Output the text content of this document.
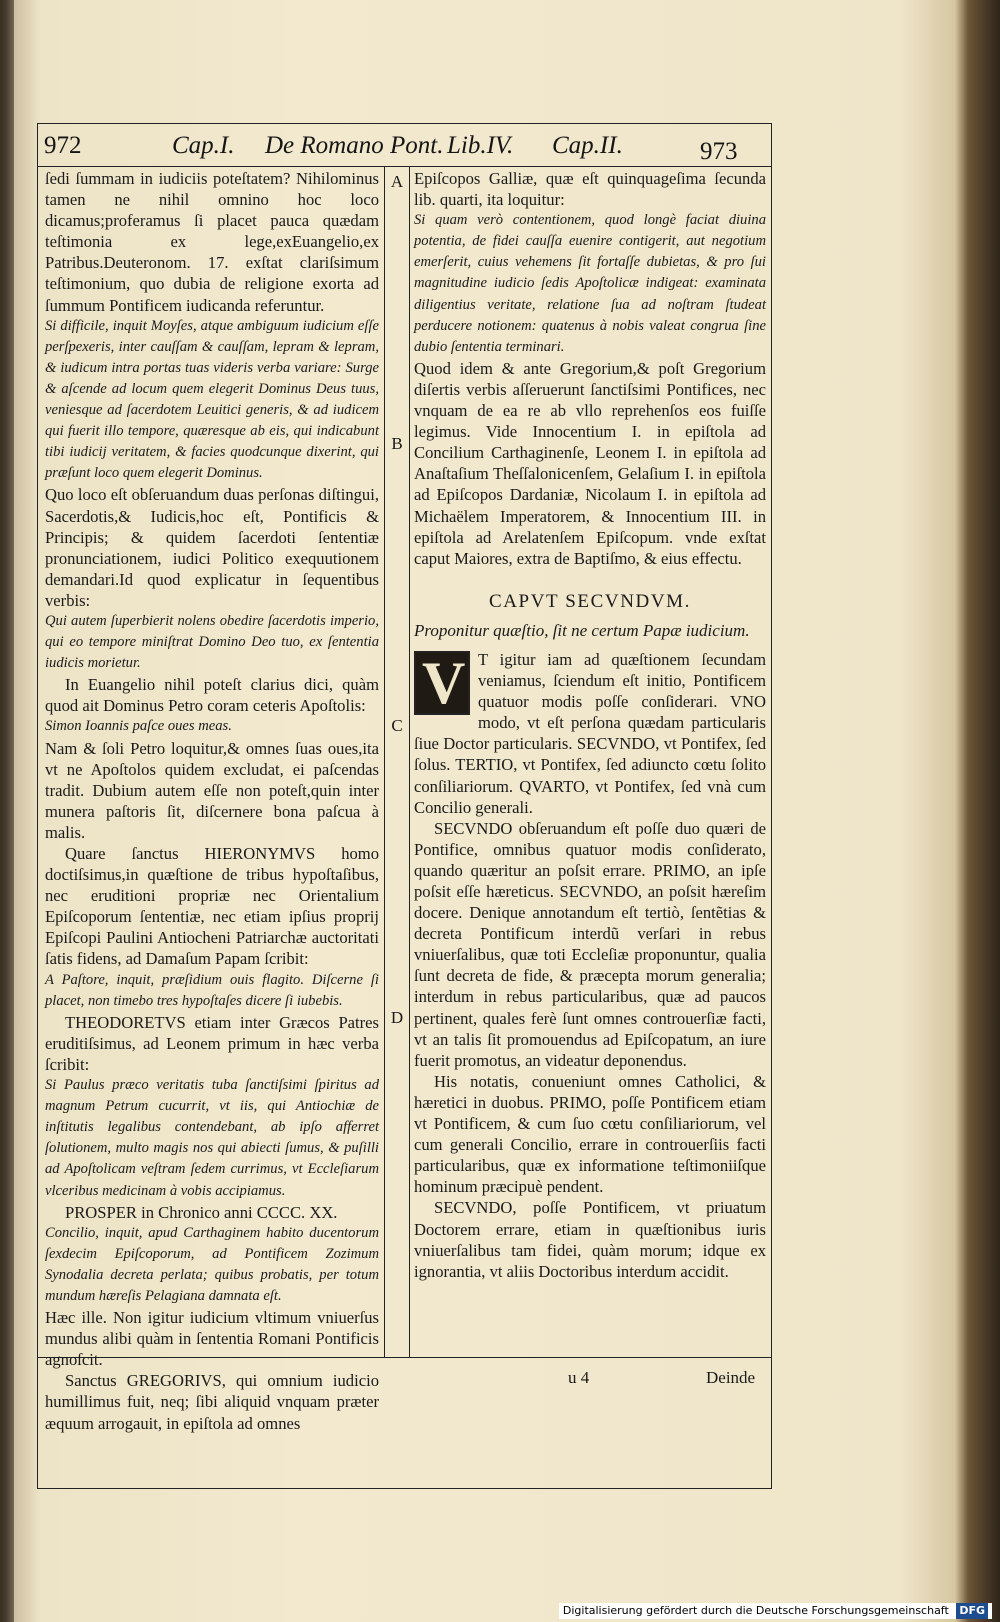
972	Cap.I. De Romano Pont. Lib.IV. Cap.II.	973
A
B
C
D

ſedi ſummam in iudiciis poteſtatem? Nihilominus tamen ne nihil omnino hoc loco dicamus;proferamus ſi placet pauca quædam teſtimonia ex lege,exEuangelio,ex Patribus.Deuteronom. 17. exſtat clariſsimum teſtimonium, quo dubia de religione exorta ad ſummum Pontificem iudicanda referuntur.

Si difficile, inquit Moyſes, atque ambiguum iudicium eſſe perſpexeris, inter cauſſam & cauſſam, lepram & lepram, & iudicum intra portas tuas videris verba variare: Surge & aſcende ad locum quem elegerit Dominus Deus tuus, veniesque ad ſacerdotem Leuitici generis, & ad iudicem qui fuerit illo tempore, quæresque ab eis, qui indicabunt tibi iudicij veritatem, & facies quodcunque dixerint, qui præſunt loco quem elegerit Dominus.

Quo loco eſt obſeruandum duas perſonas diſtingui, Sacerdotis,& Iudicis,hoc eſt, Pontificis & Principis; & quidem ſacerdoti ſententiæ pronunciationem, iudici Politico exequutionem demandari.Id quod explicatur in ſequentibus verbis:

Qui autem ſuperbierit nolens obedire ſacerdotis imperio, qui eo tempore miniſtrat Domino Deo tuo, ex ſententia iudicis morietur.

In Euangelio nihil poteſt clarius dici, quàm quod ait Dominus Petro coram ceteris Apoſtolis:

Simon Ioannis paſce oues meas.

Nam & ſoli Petro loquitur,& omnes ſuas oues,ita vt ne Apoſtolos quidem excludat, ei paſcendas tradit. Dubium autem eſſe non poteſt,quin inter munera paſtoris ſit, diſcernere bona paſcua à malis.

Quare ſanctus HIERONYMVS homo doctiſsimus,in quæſtione de tribus hypoſtaſibus, nec eruditioni propriæ nec Orientalium Epiſcoporum ſententiæ, nec etiam ipſius proprij Epiſcopi Paulini Antiocheni Patriarchæ auctoritati ſatis fidens, ad Damaſum Papam ſcribit:

A Paſtore, inquit, præſidium ouis flagito. Diſcerne ſi placet, non timebo tres hypoſtaſes dicere ſi iubebis.

THEODORETVS etiam inter Græcos Patres eruditiſsimus, ad Leonem primum in hæc verba ſcribit:

Si Paulus præco veritatis tuba ſanctiſsimi ſpiritus ad magnum Petrum cucurrit, vt iis, qui Antiochiæ de inſtitutis legalibus contendebant, ab ipſo afferret ſolutionem, multo magis nos qui abiecti ſumus, & puſilli ad Apoſtolicam veſtram ſedem currimus, vt Eccleſiarum vlceribus medicinam à vobis accipiamus.

PROSPER in Chronico anni CCCC. XX.

Concilio, inquit, apud Carthaginem habito ducentorum ſexdecim Epiſcoporum, ad Pontificem Zozimum Synodalia decreta perlata; quibus probatis, per totum mundum hæreſis Pelagiana damnata eſt.

Hæc ille. Non igitur iudicium vltimum vniuerſus mundus alibi quàm in ſententia Romani Pontificis agnoſcit.

Sanctus GREGORIVS, qui omnium iudicio humillimus fuit, neq; ſibi aliquid vnquam præter æquum arrogauit, in epiſtola ad omnes

Epiſcopos Galliæ, quæ eſt quinquageſima ſecunda lib. quarti, ita loquitur:

Si quam verò contentionem, quod longè faciat diuina potentia, de fidei cauſſa euenire contigerit, aut negotium emerſerit, cuius vehemens ſit fortaſſe dubietas, & pro ſui magnitudine iudicio ſedis Apoſtolicæ indigeat: examinata diligentius veritate, relatione ſua ad noſtram ſtudeat perducere notionem: quatenus à nobis valeat congrua ſine dubio ſententia terminari.

Quod idem & ante Gregorium,& poſt Gregorium diſertis verbis aſſeruerunt ſanctiſsimi Pontifices, nec vnquam de ea re ab vllo reprehenſos eos fuiſſe legimus. Vide Innocentium I. in epiſtola ad Concilium Carthaginenſe, Leonem I. in epiſtola ad Anaſtaſium Theſſalonicenſem, Gelaſium I. in epiſtola ad Epiſcopos Dardaniæ, Nicolaum I. in epiſtola ad Michaëlem Imperatorem, & Innocentium III. in epiſtola ad Arelatenſem Epiſcopum. vnde exſtat caput Maiores, extra de Baptiſmo, & eius effectu.

CAPVT SECVNDVM.

Proponitur quæſtio, ſit ne certum Papæ iudicium.

V T igitur iam ad quæſtionem ſecundam veniamus, ſciendum eſt initio, Pontificem quatuor modis poſſe conſiderari. VNO modo, vt eſt perſona quædam particularis ſiue Doctor particularis. SECVNDO, vt Pontifex, ſed ſolus. TERTIO, vt Pontifex, ſed adiuncto cœtu ſolito conſiliariorum. QVARTO, vt Pontifex, ſed vnà cum Concilio generali.

SECVNDO obſeruandum eſt poſſe duo quæri de Pontifice, omnibus quatuor modis conſiderato, quando quæritur an poſsit errare. PRIMO, an ipſe poſsit eſſe hæreticus. SECVNDO, an poſsit hæreſim docere. Denique annotandum eſt tertiò, ſentẽtias & decreta Pontificum interdũ verſari in rebus vniuerſalibus, quæ toti Eccleſiæ proponuntur, qualia ſunt decreta de fide, & præcepta morum generalia; interdum in rebus particularibus, quæ ad paucos pertinent, quales ferè ſunt omnes controuerſiæ facti, vt an talis ſit promouendus ad Epiſcopatum, an iure fuerit promotus, an videatur deponendus.

His notatis, conueniunt omnes Catholici, & hæretici in duobus. PRIMO, poſſe Pontificem etiam vt Pontificem, & cum ſuo cœtu conſiliariorum, vel cum generali Concilio, errare in controuerſiis facti particularibus, quæ ex informatione teſtimoniiſque hominum præcipuè pendent.

SECVNDO, poſſe Pontificem, vt priuatum Doctorem errare, etiam in quæſtionibus iuris vniuerſalibus tam fidei, quàm morum; idque ex ignorantia, vt aliis Doctoribus interdum accidit.

u 4	Deinde
Digitalisierung gefördert durch die Deutsche Forschungsgemeinschaft DFG
